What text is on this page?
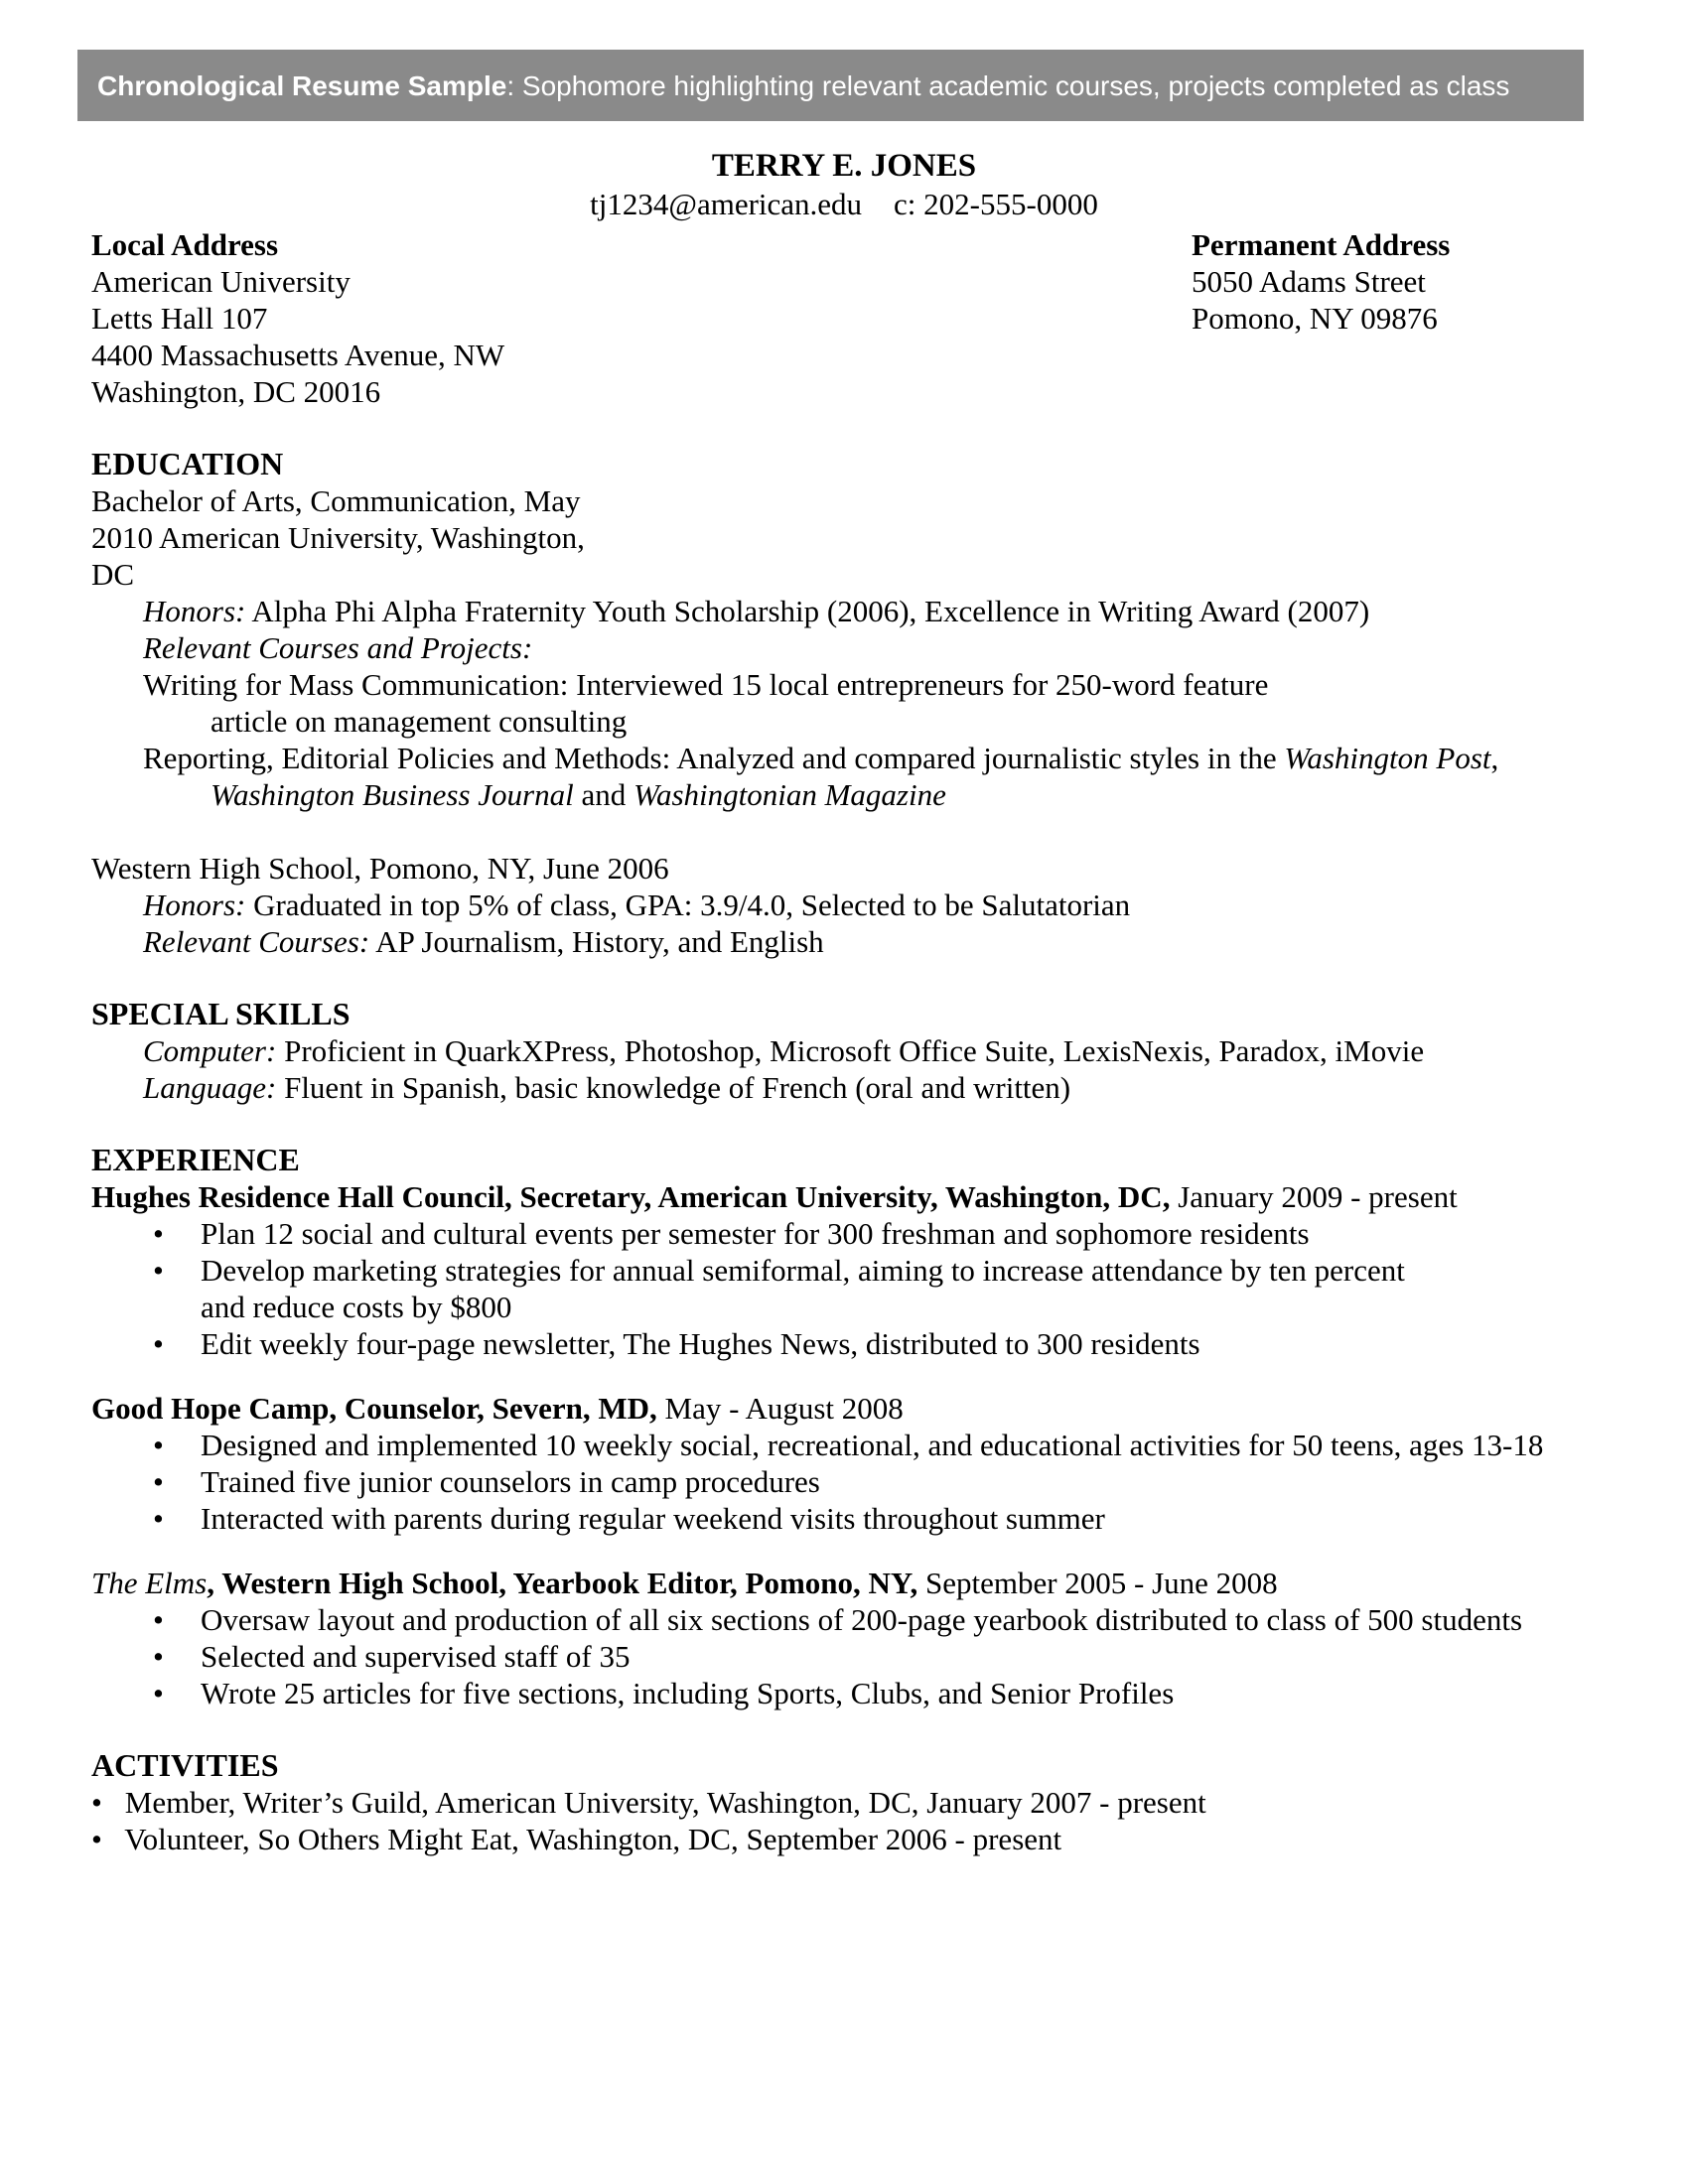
Chronological Resume Sample : Sophomore highlighting relevant academic courses, projects completed as class
TERRY E. JONES
tj1234@american.edu c: 202-555-0000
Local Address
American University
Letts Hall 107
4400 Massachusetts Avenue, NW
Washington, DC 20016
Permanent Address
5050 Adams Street
Pomono, NY 09876
EDUCATION
Bachelor of Arts, Communication, May
2010 American University, Washington,
DC
Honors: Alpha Phi Alpha Fraternity Youth Scholarship (2006), Excellence in Writing Award (2007)
Relevant Courses and Projects:
Writing for Mass Communication: Interviewed 15 local entrepreneurs for 250-word feature
article on management consulting
Reporting, Editorial Policies and Methods: Analyzed and compared journalistic styles in the Washington Post,
Washington Business Journal and Washingtonian Magazine
Western High School, Pomono, NY, June 2006
Honors: Graduated in top 5% of class, GPA: 3.9/4.0, Selected to be Salutatorian
Relevant Courses: AP Journalism, History, and English
SPECIAL SKILLS
Computer: Proficient in QuarkXPress, Photoshop, Microsoft Office Suite, LexisNexis, Paradox, iMovie
Language: Fluent in Spanish, basic knowledge of French (oral and written)
EXPERIENCE
Hughes Residence Hall Council, Secretary, American University, Washington, DC, January 2009 - present
•	Plan 12 social and cultural events per semester for 300 freshman and sophomore residents
•	Develop marketing strategies for annual semiformal, aiming to increase attendance by ten percent
and reduce costs by $800
•	Edit weekly four-page newsletter, The Hughes News, distributed to 300 residents
Good Hope Camp, Counselor, Severn, MD, May - August 2008
•	Designed and implemented 10 weekly social, recreational, and educational activities for 50 teens, ages 13-18
•	Trained five junior counselors in camp procedures
•	Interacted with parents during regular weekend visits throughout summer
The Elms, Western High School, Yearbook Editor, Pomono, NY, September 2005 - June 2008
•	Oversaw layout and production of all six sections of 200-page yearbook distributed to class of 500 students
•	Selected and supervised staff of 35
•	Wrote 25 articles for five sections, including Sports, Clubs, and Senior Profiles
ACTIVITIES
• Member, Writer’s Guild, American University, Washington, DC, January 2007 - present
• Volunteer, So Others Might Eat, Washington, DC, September 2006 - present
